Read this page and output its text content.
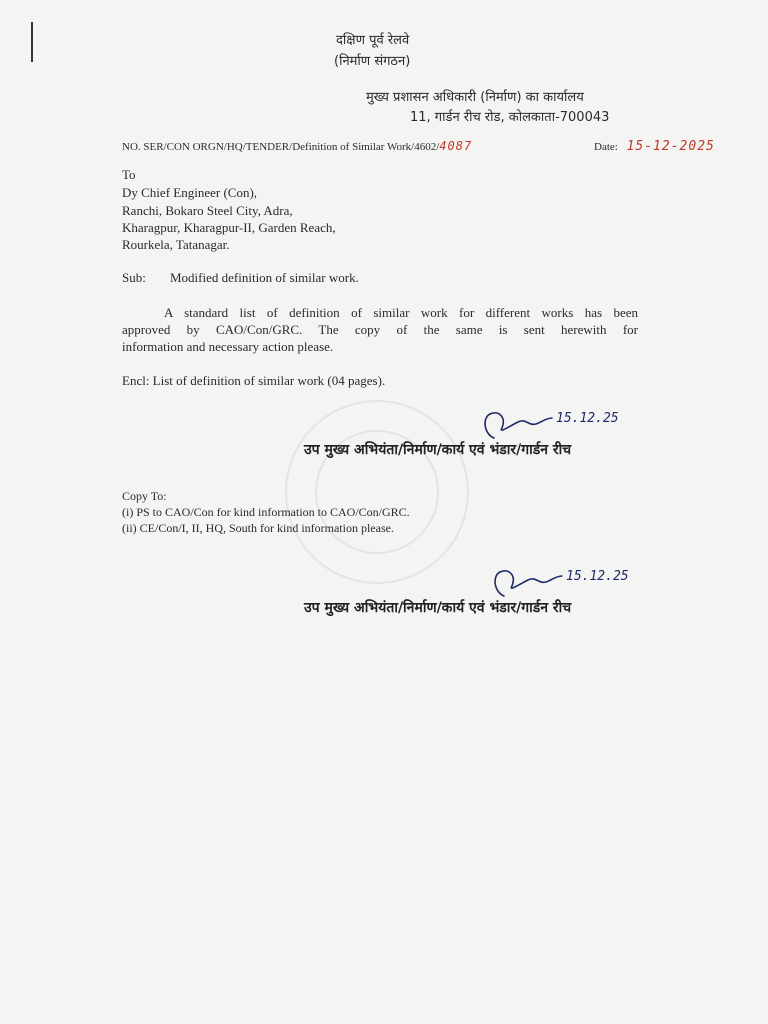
दक्षिण पूर्व रेलवे
(निर्माण संगठन)
मुख्य प्रशासन अधिकारी (निर्माण) का कार्यालय
11, गार्डन रीच रोड, कोलकाता-700043
NO. SER/CON ORGN/HQ/TENDER/Definition of Similar Work/4602/4087	Date: 15-12-2025
To
Dy Chief Engineer (Con),
Ranchi, Bokaro Steel City, Adra,
Kharagpur, Kharagpur-II, Garden Reach,
Rourkela, Tatanagar.
Sub: Modified definition of similar work.
A standard list of definition of similar work for different works has been
approved by CAO/Con/GRC. The copy of the same is sent herewith for
information and necessary action please.
Encl: List of definition of similar work (04 pages).
15.12.25
उप मुख्य अभियंता/निर्माण/कार्य एवं भंडार/गार्डन रीच
Copy To:
(i) PS to CAO/Con for kind information to CAO/Con/GRC.
(ii) CE/Con/I, II, HQ, South for kind information please.
15.12.25
उप मुख्य अभियंता/निर्माण/कार्य एवं भंडार/गार्डन रीच
